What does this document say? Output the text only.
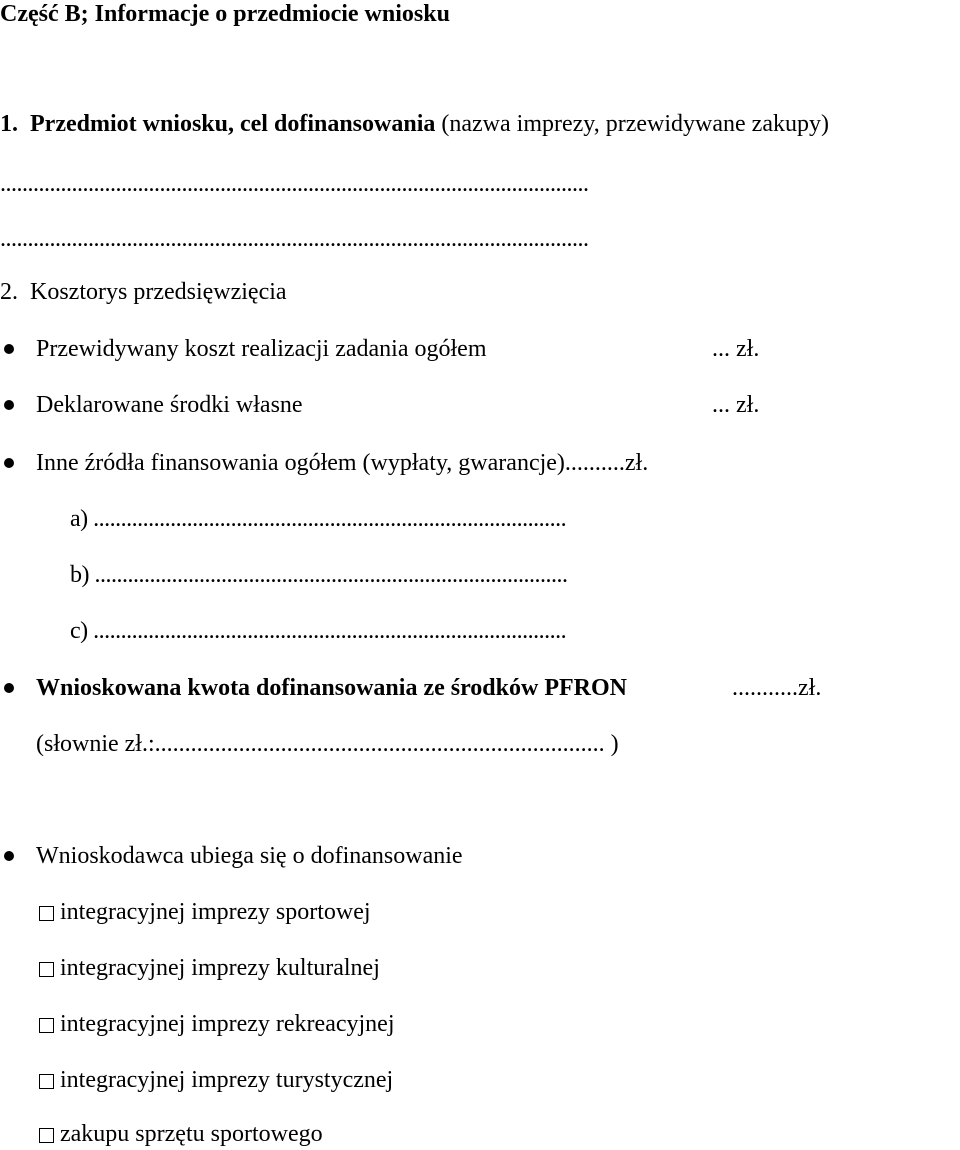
Część B; Informacje o przedmiocie wniosku
1. Przedmiot wniosku, cel dofinansowania (nazwa imprezy, przewidywane zakupy)
...........................................................................................................
...........................................................................................................
2. Kosztorys przedsięwzięcia
Przewidywany koszt realizacji zadania ogółem	... zł.
Deklarowane środki własne	... zł.
Inne źródła finansowania ogółem (wypłaty, gwarancje)..........zł.
a) ......................................................................................
b) ......................................................................................
c) ......................................................................................
Wnioskowana kwota dofinansowania ze środków PFRON	...........zł.
(słownie zł.:........................................................................... )
Wnioskodawca ubiega się o dofinansowanie
integracyjnej imprezy sportowej
integracyjnej imprezy kulturalnej
integracyjnej imprezy rekreacyjnej
integracyjnej imprezy turystycznej
zakupu sprzętu sportowego
